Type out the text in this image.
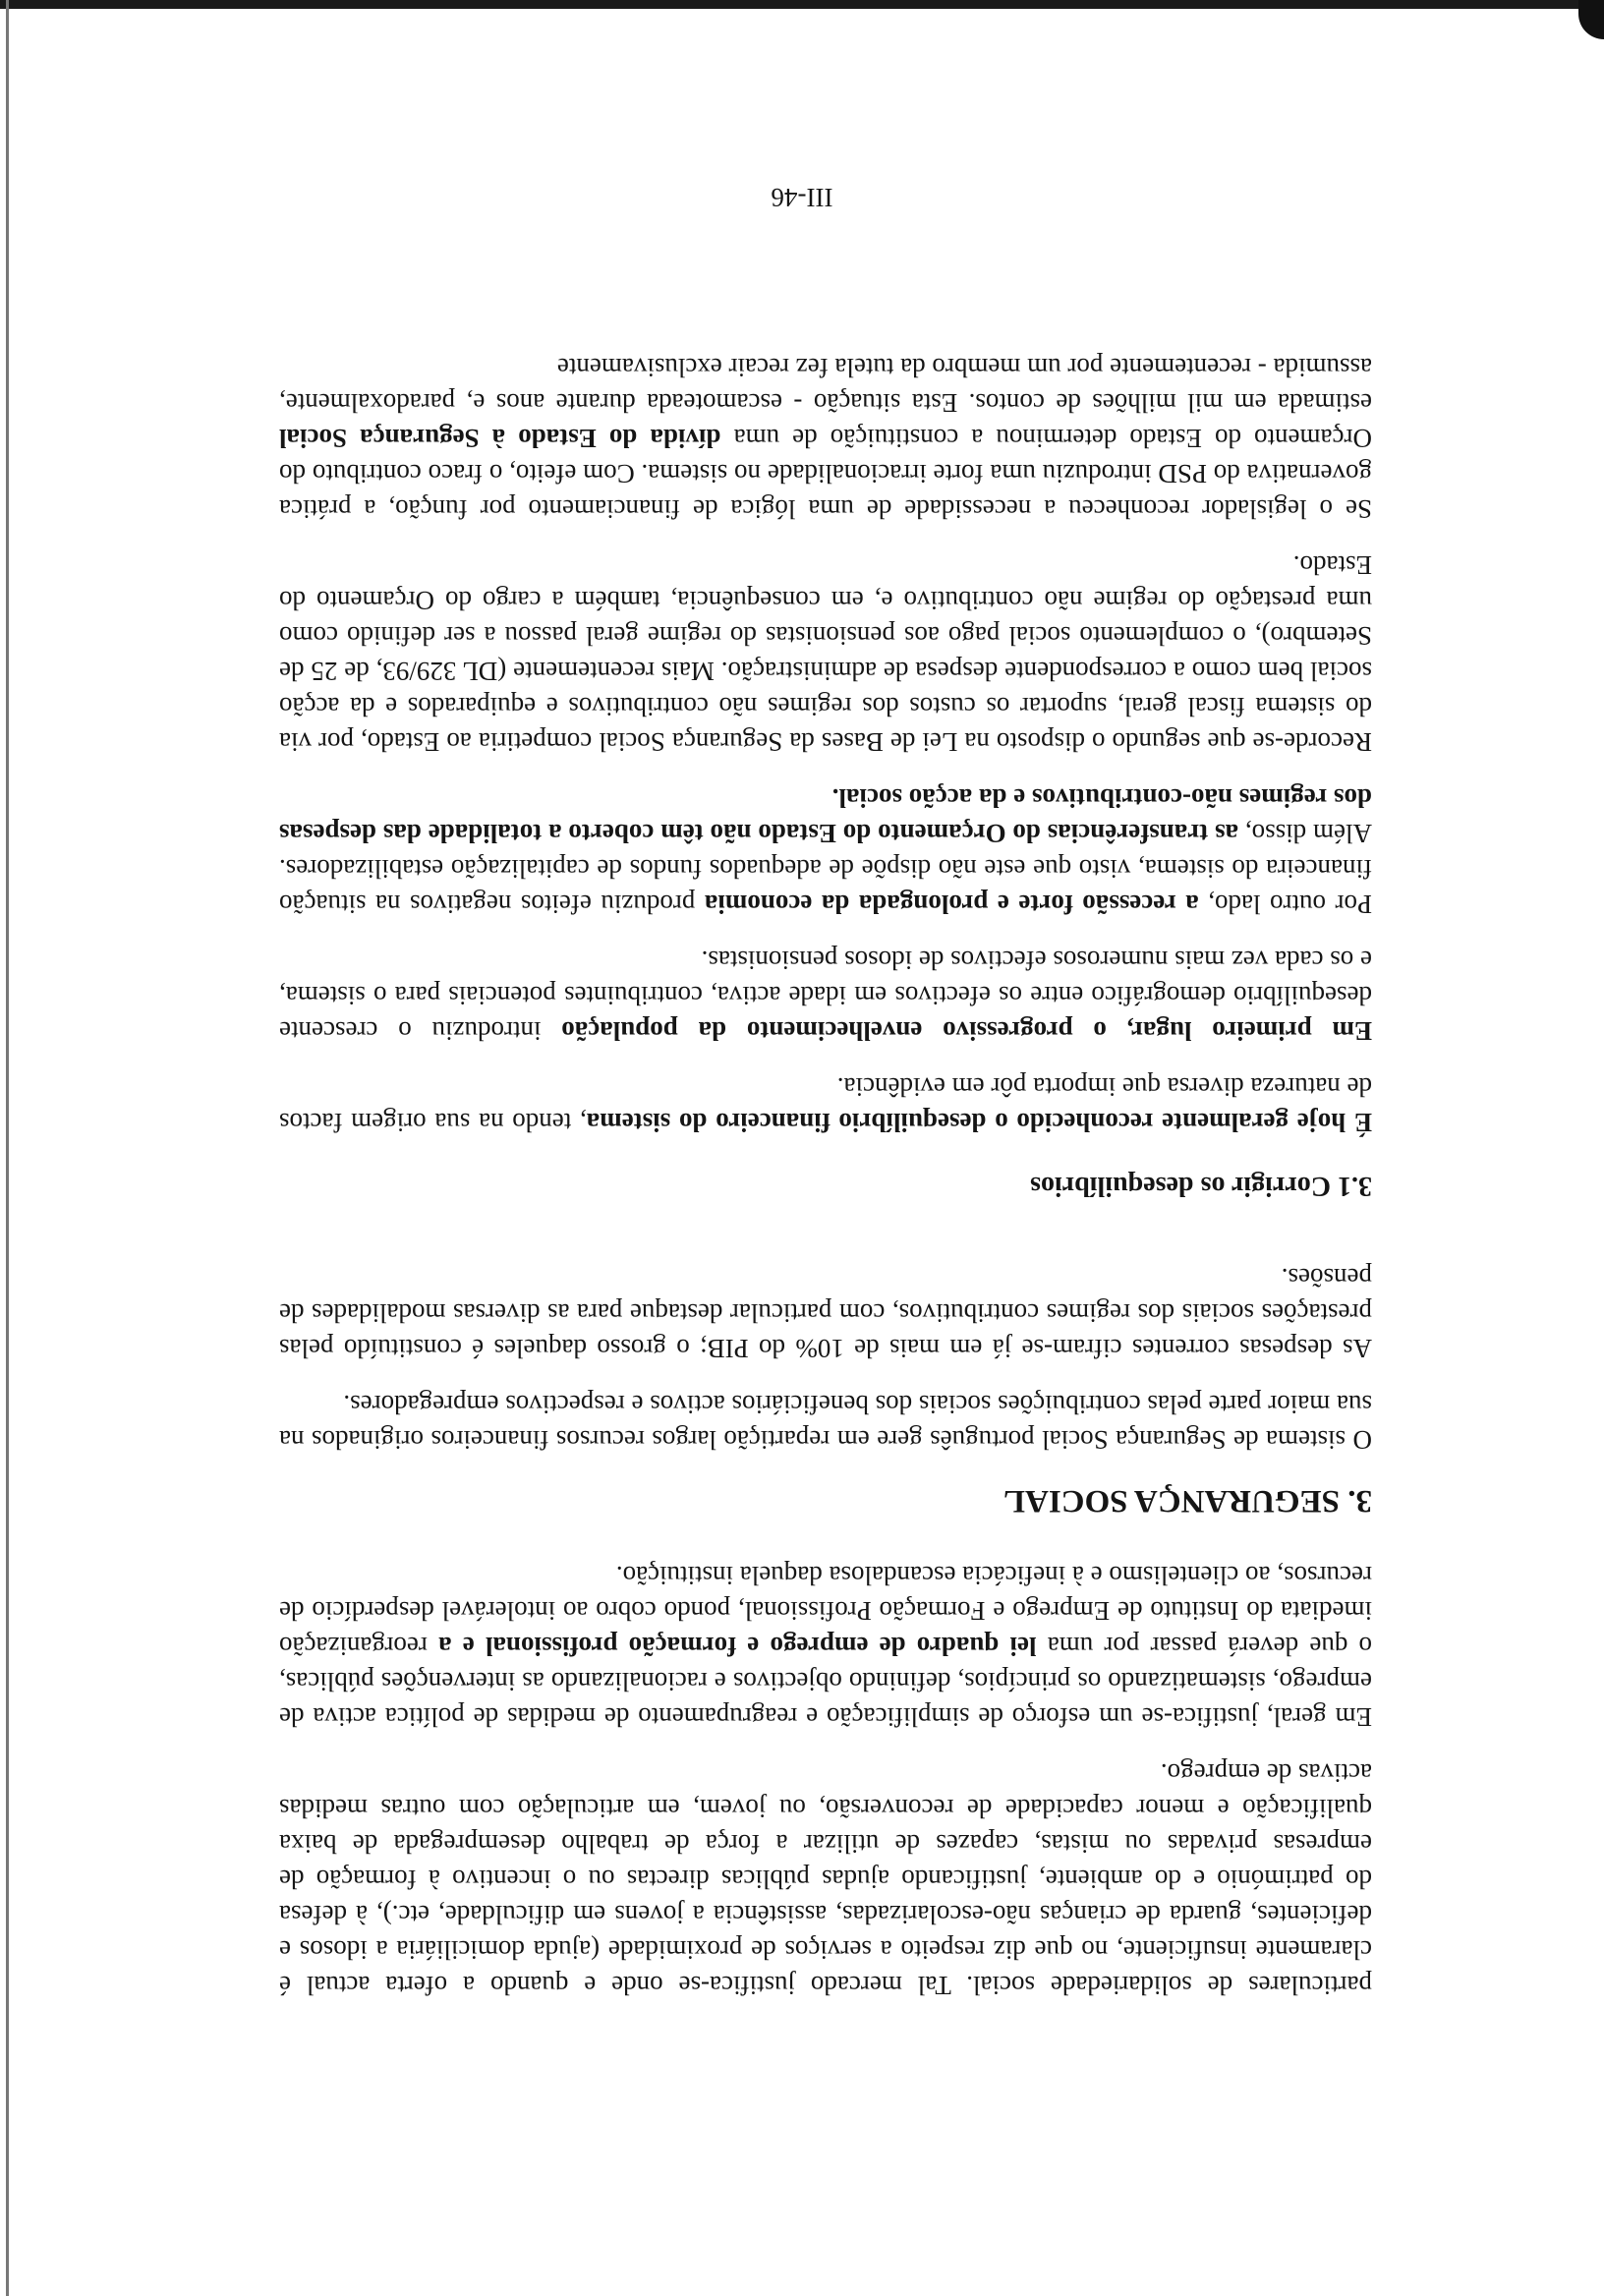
particulares de solidariedade social. Tal mercado justifica-se onde e quando a oferta actual é claramente insuficiente, no que diz respeito a serviços de proximidade (ajuda domiciliária a idosos e deficientes, guarda de crianças não-escolarizadas, assistência a jovens em dificuldade, etc.), à defesa do património e do ambiente, justificando ajudas públicas directas ou o incentivo à formação de empresas privadas ou mistas, capazes de utilizar a força de trabalho desempregada de baixa qualificação e menor capacidade de reconversão, ou jovem, em articulação com outras medidas activas de emprego.

Em geral, justifica-se um esforço de simplificação e reagrupamento de medidas de política activa de emprego, sistematizando os princípios, definindo objectivos e racionalizando as intervenções públicas, o que deverá passar por uma lei quadro de emprego e formação profissional e a reorganização imediata do Instituto de Emprego e Formação Profissional, pondo cobro ao intolerável desperdício de recursos, ao clientelismo e à ineficácia escandalosa daquela instituição.

3. SEGURANÇA SOCIAL

O sistema de Segurança Social português gere em repartição largos recursos financeiros originados na sua maior parte pelas contribuições sociais dos beneficiários activos e respectivos empregadores.

As despesas correntes cifram-se já em mais de 10% do PIB; o grosso daqueles é constituído pelas prestações sociais dos regimes contributivos, com particular destaque para as diversas modalidades de pensões.

3.1 Corrigir os desequilíbrios

É hoje geralmente reconhecido o desequilíbrio financeiro do sistema, tendo na sua origem factos de natureza diversa que importa pôr em evidência.

Em primeiro lugar, o progressivo envelhecimento da população introduziu o crescente desequilíbrio demográfico entre os efectivos em idade activa, contribuintes potenciais para o sistema, e os cada vez mais numerosos efectivos de idosos pensionistas.

Por outro lado, a recessão forte e prolongada da economia produziu efeitos negativos na situação financeira do sistema, visto que este não dispõe de adequados fundos de capitalização estabilizadores. Além disso, as transferências do Orçamento do Estado não têm coberto a totalidade das despesas dos regimes não-contributivos e da acção social.

Recorde-se que segundo o disposto na Lei de Bases da Segurança Social competiria ao Estado, por via do sistema fiscal geral, suportar os custos dos regimes não contributivos e equiparados e da acção social bem como a correspondente despesa de administração. Mais recentemente (DL 329/93, de 25 de Setembro), o complemento social pago aos pensionistas do regime geral passou a ser definido como uma prestação do regime não contributivo e, em consequência, também a cargo do Orçamento do Estado.

Se o legislador reconheceu a necessidade de uma lógica de financiamento por função, a prática governativa do PSD introduziu uma forte irracionalidade no sistema. Com efeito, o fraco contributo do Orçamento do Estado determinou a constituição de uma dívida do Estado à Segurança Social estimada em mil milhões de contos. Esta situação - escamoteada durante anos e, paradoxalmente, assumida - recentemente por um membro da tutela fez recair exclusivamente

III-46
